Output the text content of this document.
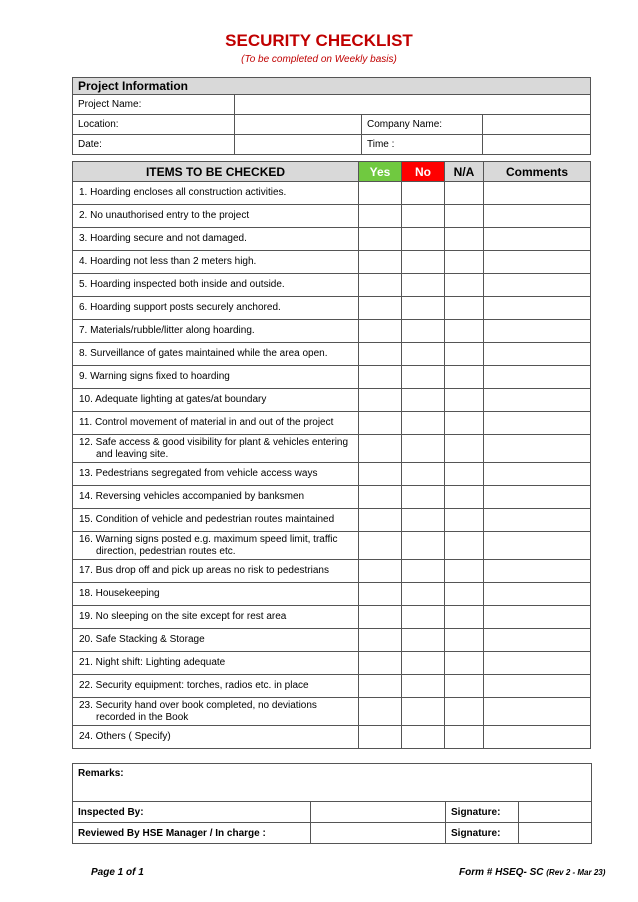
SECURITY CHECKLIST
(To be completed on Weekly basis)
Project Information			
Project Name:			
Location:		Company Name:	
Date:		Time :	
ITEMS TO BE CHECKED	Yes	No	N/A	Comments
1. Hoarding encloses all construction activities.				
2. No unauthorised entry to the project				
3. Hoarding secure and not damaged.				
4. Hoarding not less than 2 meters high.				
5. Hoarding inspected both inside and outside.				
6. Hoarding support posts securely anchored.				
7. Materials/rubble/litter along hoarding.				
8. Surveillance of gates maintained while the area open.				
9. Warning signs fixed to hoarding				
10. Adequate lighting at gates/at boundary				
11. Control movement of material in and out of the project				
12. Safe access & good visibility for plant & vehicles entering
and leaving site.				

13. Pedestrians segregated from vehicle access ways				
14. Reversing vehicles accompanied by banksmen				
15. Condition of vehicle and pedestrian routes maintained				
16. Warning signs posted e.g. maximum speed limit, traffic
direction, pedestrian routes etc.				

17. Bus drop off and pick up areas no risk to pedestrians				
18. Housekeeping				
19. No sleeping on the site except for rest area				
20. Safe Stacking & Storage				
21. Night shift: Lighting adequate				
22. Security equipment: torches, radios etc. in place				
23. Security hand over book completed, no deviations
recorded in the Book				

24. Others ( Specify)				
Remarks:			
Inspected By:		Signature:	
Reviewed By HSE Manager / In charge :		Signature:	
Page 1 of 1	Form # HSEQ- SC (Rev 2 - Mar 23)
